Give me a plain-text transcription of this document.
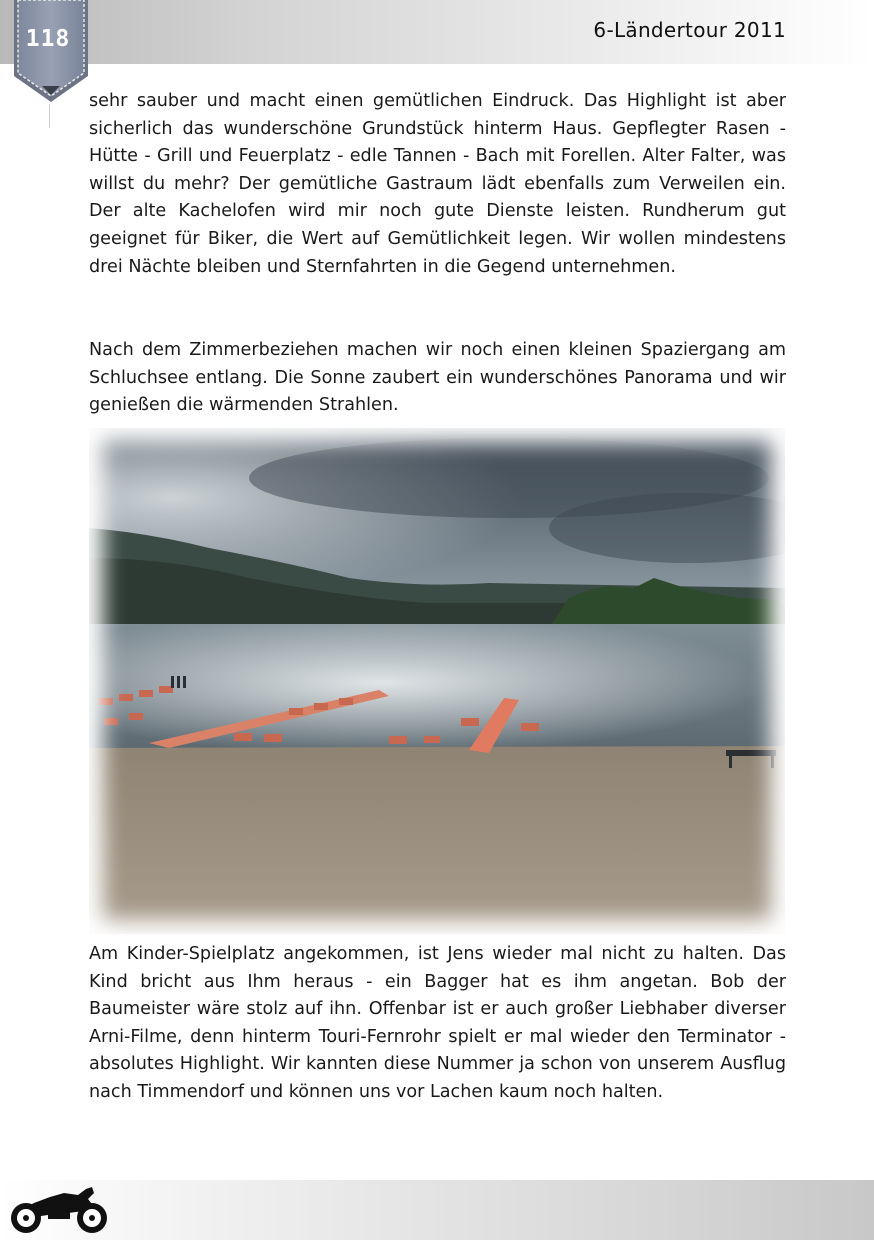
6-Ländertour 2011
118

sehr sauber und macht einen gemütlichen Eindruck. Das Highlight ist aber sicherlich das wunderschöne Grundstück hinterm Haus. Gepflegter Rasen - Hütte - Grill und Feuerplatz - edle Tannen - Bach mit Forellen. Alter Falter, was willst du mehr? Der gemütliche Gastraum lädt ebenfalls zum Verweilen ein. Der alte Kachelofen wird mir noch gute Dienste leisten. Rundherum gut geeignet für Biker, die Wert auf Gemütlichkeit legen. Wir wollen mindestens drei Nächte bleiben und Sternfahrten in die Gegend unternehmen.

Nach dem Zimmerbeziehen machen wir noch einen kleinen Spaziergang am Schluchsee entlang. Die Sonne zaubert ein wunderschönes Panorama und wir genießen die wärmenden Strahlen.

Am Kinder-Spielplatz angekommen, ist Jens wieder mal nicht zu halten. Das Kind bricht aus Ihm heraus - ein Bagger hat es ihm angetan. Bob der Baumeister wäre stolz auf ihn. Offenbar ist er auch großer Liebhaber diverser Arni-Filme, denn hinterm Touri-Fernrohr spielt er mal wieder den Terminator - absolutes Highlight. Wir kannten diese Nummer ja schon von unserem Ausflug nach Timmendorf und können uns vor Lachen kaum noch halten.
